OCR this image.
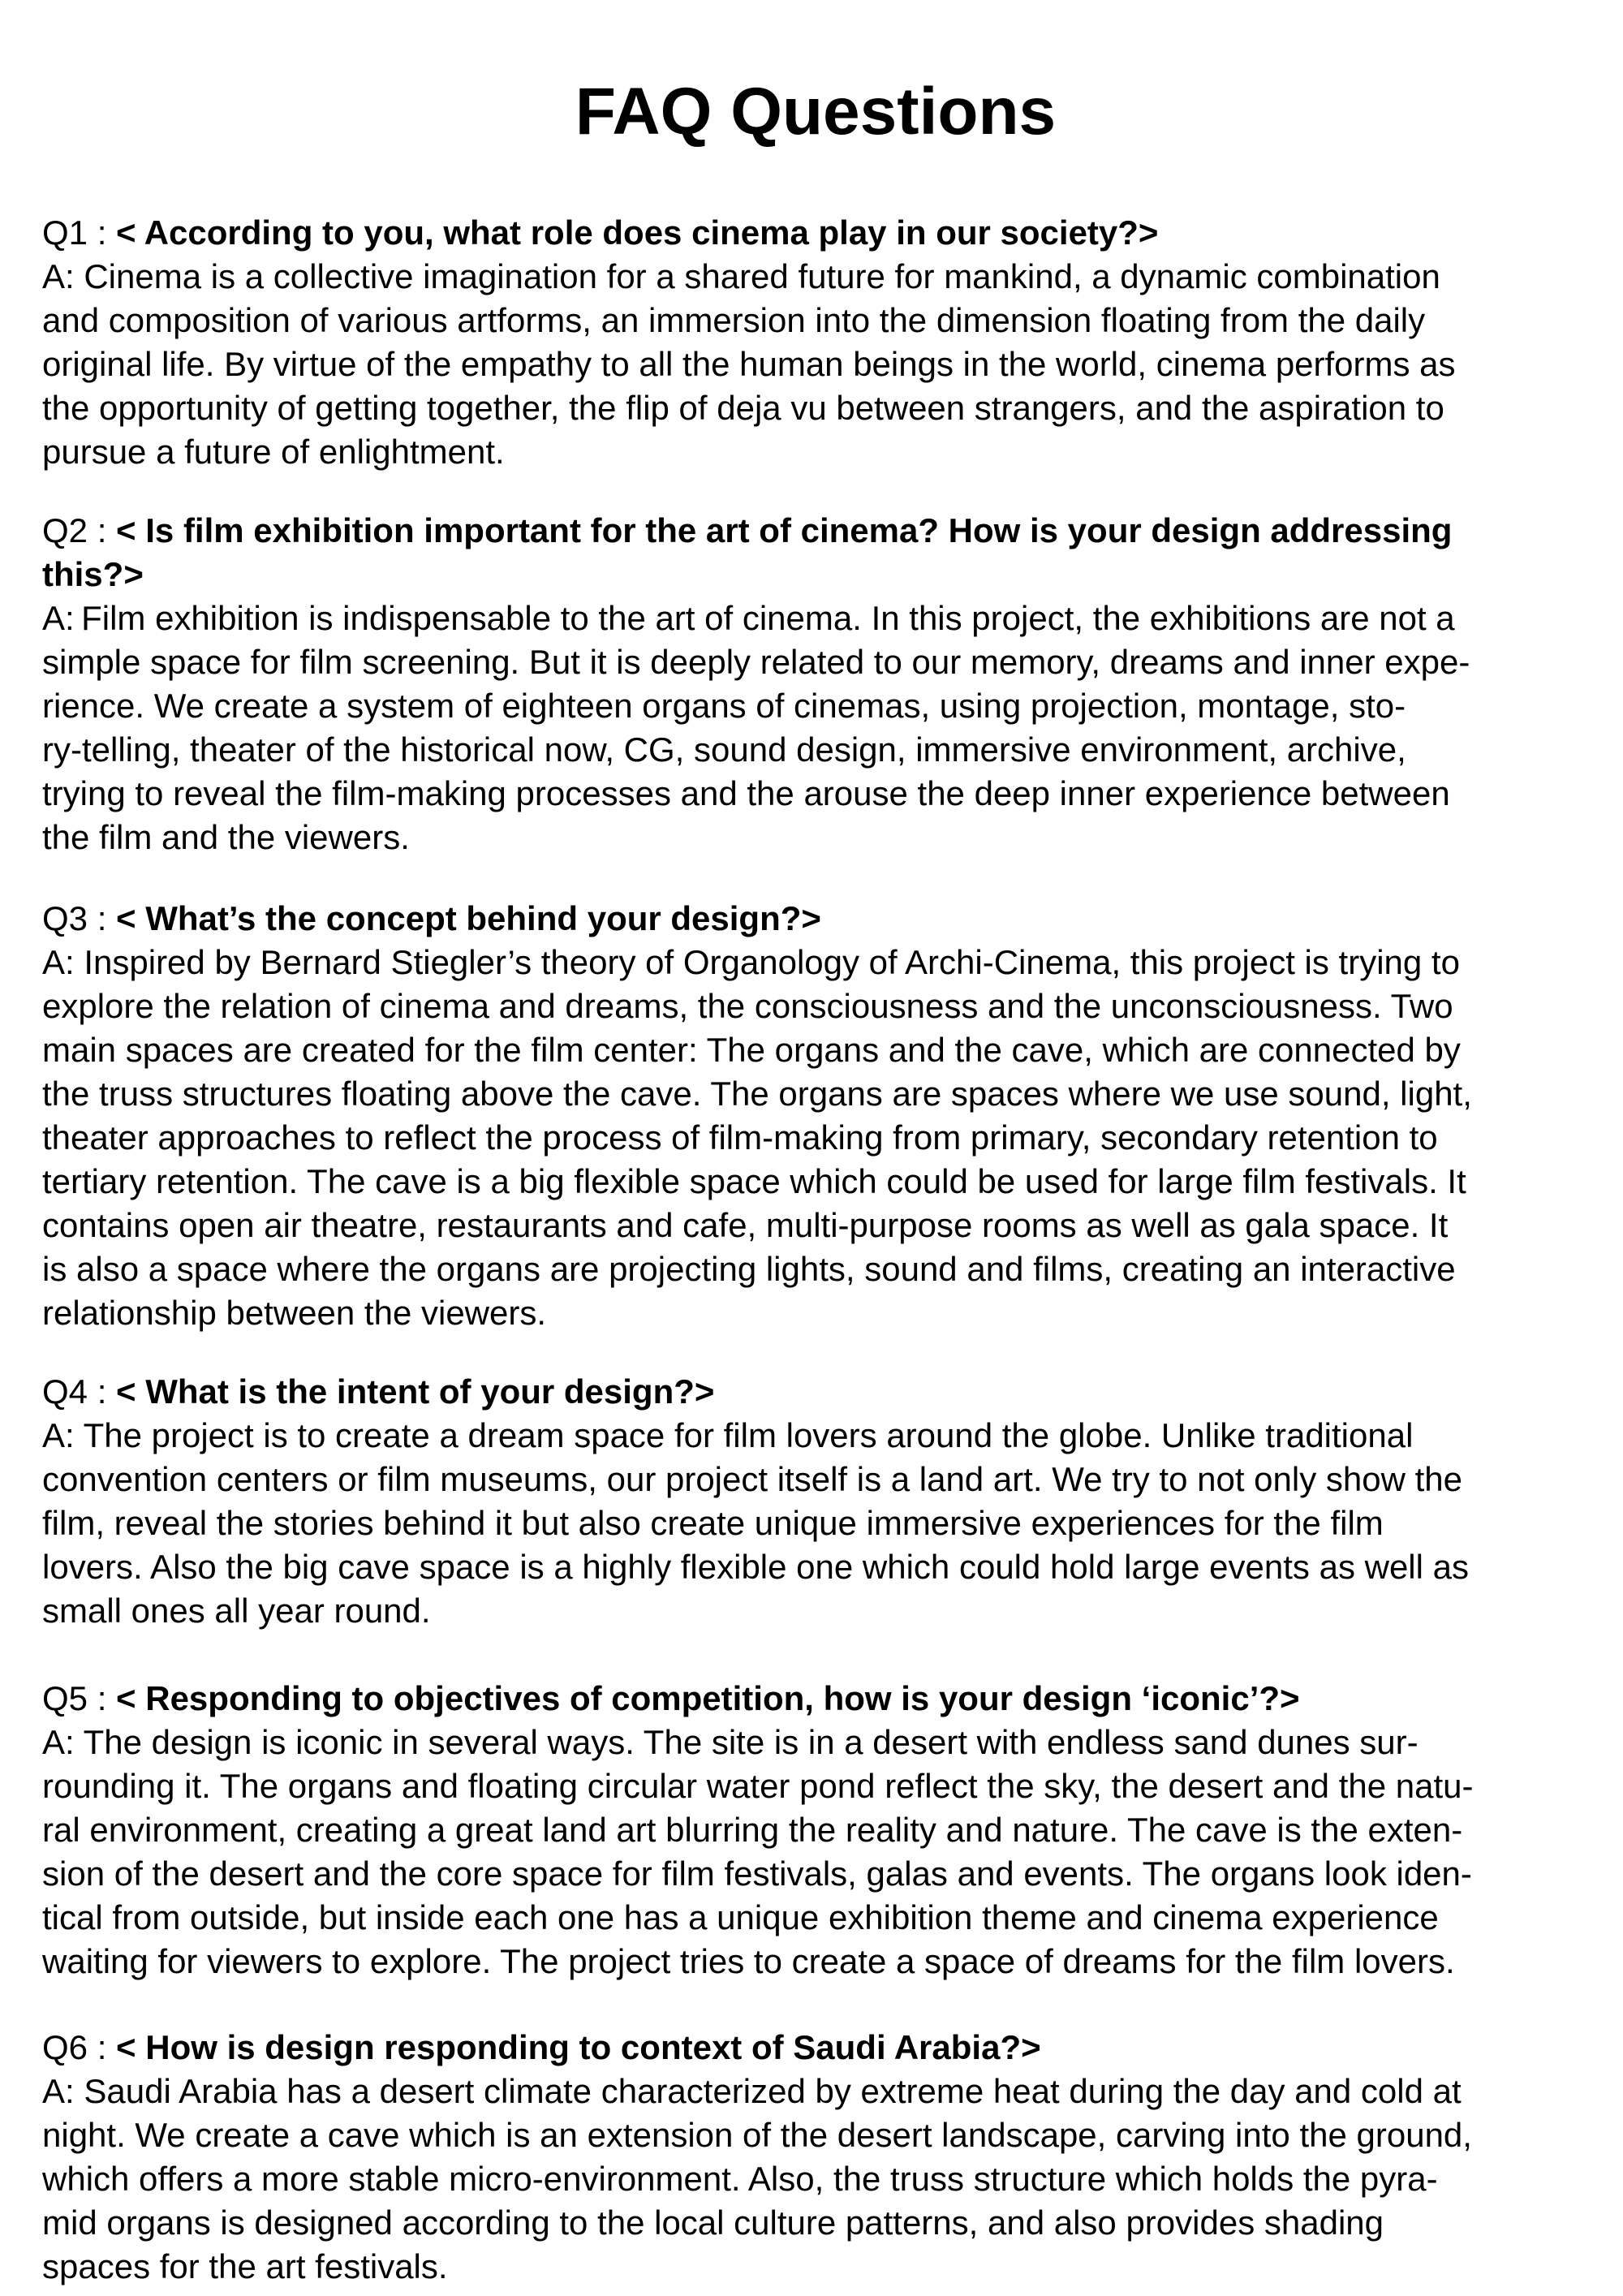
FAQ Questions

Q1 : < According to you, what role does cinema play in our society?>

A: Cinema is a collective imagination for a shared future for mankind, a dynamic combination
and composition of various artforms, an immersion into the dimension floating from the daily
original life. By virtue of the empathy to all the human beings in the world, cinema performs as
the opportunity of getting together, the flip of deja vu between strangers, and the aspiration to
pursue a future of enlightment.

Q2 : < Is film exhibition important for the art of cinema? How is your design addressing

this?>

A: Film exhibition is indispensable to the art of cinema. In this project, the exhibitions are not a
simple space for film screening. But it is deeply related to our memory, dreams and inner expe-
rience. We create a system of eighteen organs of cinemas, using projection, montage, sto-
ry-telling, theater of the historical now, CG, sound design, immersive environment, archive,
trying to reveal the film-making processes and the arouse the deep inner experience between
the film and the viewers.

Q3 : < What’s the concept behind your design?>

A: Inspired by Bernard Stiegler’s theory of Organology of Archi-Cinema, this project is trying to
explore the relation of cinema and dreams, the consciousness and the unconsciousness. Two
main spaces are created for the film center: The organs and the cave, which are connected by
the truss structures floating above the cave. The organs are spaces where we use sound, light,
theater approaches to reflect the process of film-making from primary, secondary retention to
tertiary retention. The cave is a big flexible space which could be used for large film festivals. It
contains open air theatre, restaurants and cafe, multi-purpose rooms as well as gala space. It
is also a space where the organs are projecting lights, sound and films, creating an interactive
relationship between the viewers.

Q4 : < What is the intent of your design?>

A: The project is to create a dream space for film lovers around the globe. Unlike traditional
convention centers or film museums, our project itself is a land art. We try to not only show the
film, reveal the stories behind it but also create unique immersive experiences for the film
lovers. Also the big cave space is a highly flexible one which could hold large events as well as
small ones all year round.

Q5 : < Responding to objectives of competition, how is your design ‘iconic’?>

A: The design is iconic in several ways. The site is in a desert with endless sand dunes sur-
rounding it. The organs and floating circular water pond reflect the sky, the desert and the natu-
ral environment, creating a great land art blurring the reality and nature. The cave is the exten-
sion of the desert and the core space for film festivals, galas and events. The organs look iden-
tical from outside, but inside each one has a unique exhibition theme and cinema experience
waiting for viewers to explore. The project tries to create a space of dreams for the film lovers.

Q6 : < How is design responding to context of Saudi Arabia?>

A: Saudi Arabia has a desert climate characterized by extreme heat during the day and cold at
night. We create a cave which is an extension of the desert landscape, carving into the ground,
which offers a more stable micro-environment. Also, the truss structure which holds the pyra-
mid organs is designed according to the local culture patterns, and also provides shading
spaces for the art festivals.
